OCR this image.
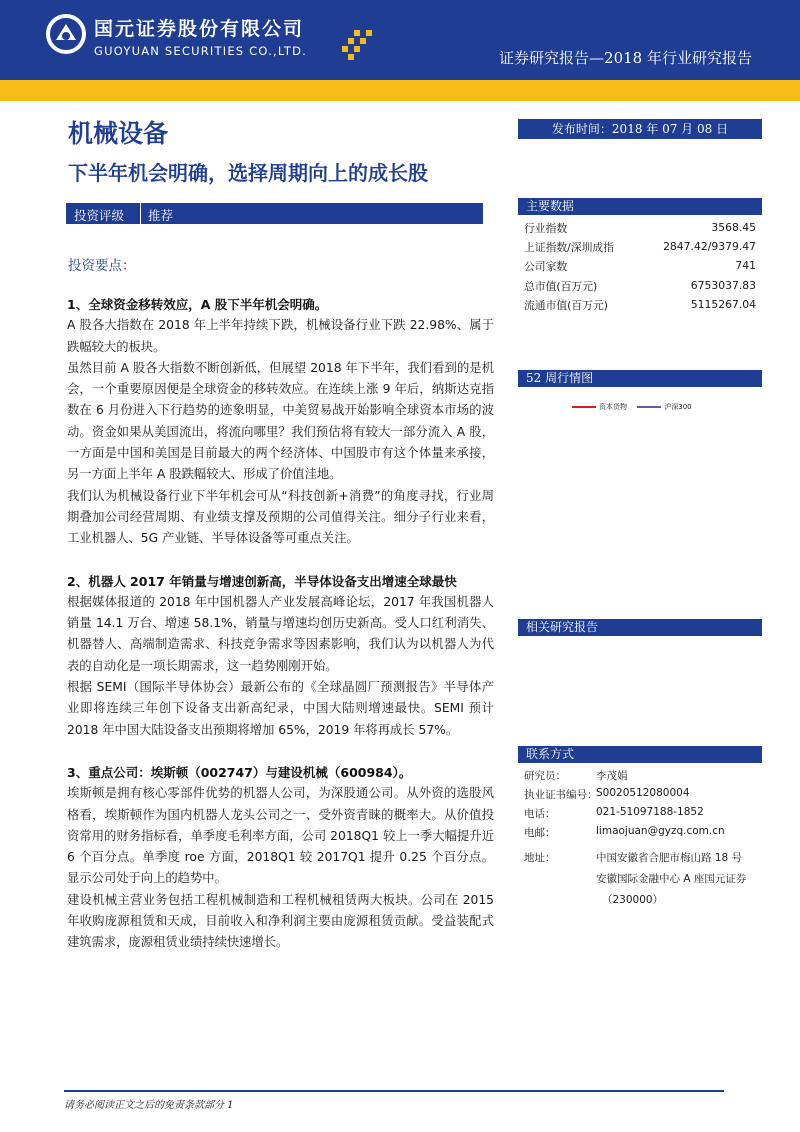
国元证券股份有限公司
GUOYUAN SECURITIES CO.,LTD.	证券研究报告—2018 年行业研究报告
机械设备
下半年机会明确，选择周期向上的成长股
投资评级 推荐
投资要点：
1、全球资金移转效应，A 股下半年机会明确。

A 股各大指数在 2018 年上半年持续下跌，机械设备行业下跌 22.98%、属于跌幅较大的板块。

虽然目前 A 股各大指数不断创新低，但展望 2018 年下半年，我们看到的是机会，一个重要原因便是全球资金的移转效应。在连续上涨 9 年后，纳斯达克指数在 6 月份进入下行趋势的迹象明显，中美贸易战开始影响全球资本市场的波动。资金如果从美国流出，将流向哪里？我们预估将有较大一部分流入 A 股，一方面是中国和美国是目前最大的两个经济体、中国股市有这个体量来承接，另一方面上半年 A 股跌幅较大、形成了价值洼地。

我们认为机械设备行业下半年机会可从“科技创新+消费”的角度寻找，行业周期叠加公司经营周期、有业绩支撑及预期的公司值得关注。细分子行业来看，工业机器人、5G 产业链、半导体设备等可重点关注。

2、机器人 2017 年销量与增速创新高，半导体设备支出增速全球最快

根据媒体报道的 2018 年中国机器人产业发展高峰论坛，2017 年我国机器人销量 14.1 万台、增速 58.1%，销量与增速均创历史新高。受人口红利消失、机器替人、高端制造需求、科技竞争需求等因素影响，我们认为以机器人为代表的自动化是一项长期需求，这一趋势刚刚开始。

根据 SEMI（国际半导体协会）最新公布的《全球晶圆厂预测报告》半导体产业即将连续三年创下设备支出新高纪录，中国大陆则增速最快。SEMI 预计 2018 年中国大陆设备支出预期将增加 65%，2019 年将再成长 57%。

3、重点公司：埃斯顿（002747）与建设机械（600984）。

埃斯顿是拥有核心零部件优势的机器人公司，为深股通公司。从外资的选股风格看，埃斯顿作为国内机器人龙头公司之一、受外资青睐的概率大。从价值投资常用的财务指标看，单季度毛利率方面，公司 2018Q1 较上一季大幅提升近 6 个百分点。单季度 roe 方面，2018Q1 较 2017Q1 提升 0.25 个百分点。显示公司处于向上的趋势中。

建设机械主营业务包括工程机械制造和工程机械租赁两大板块。公司在 2015 年收购庞源租赁和天成，目前收入和净利润主要由庞源租赁贡献。受益装配式建筑需求，庞源租赁业绩持续快速增长。

发布时间：2018 年 07 月 08 日
主要数据
行业指数	3568.45
上证指数/深圳成指	2847.42/9379.47
公司家数	741
总市值(百万元)	6753037.83
流通市值(百万元)	5115267.04
52 周行情图
资本货物	沪深300
相关研究报告
联系方式
研究员：	李茂娟
执业证书编号：
S0020512080004
电话：	021-51097188-1852
电邮：	limaojuan@gyzq.com.cn
地址：	中国安徽省合肥市梅山路 18 号
安徽国际金融中心 A 座国元证券
（230000）
请务必阅读正文之后的免责条款部分 1
